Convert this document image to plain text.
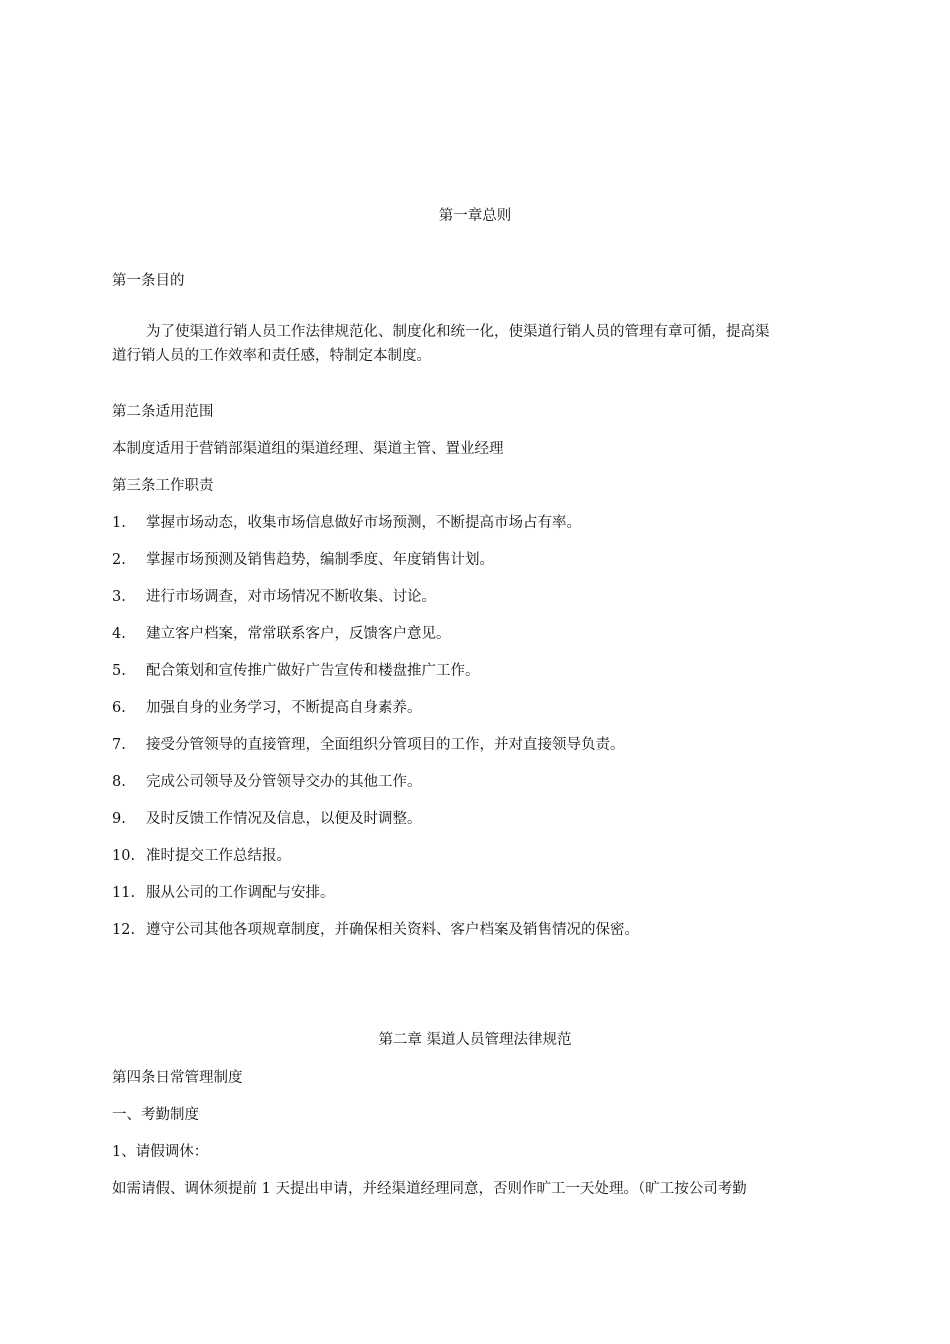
第一章总则
第一条目的
为了使渠道行销人员工作法律规范化、制度化和统一化，使渠道行销人员的管理有章可循，提高渠
道行销人员的工作效率和责任感，特制定本制度。
第二条适用范围
本制度适用于营销部渠道组的渠道经理、渠道主管、置业经理
第三条工作职责
1. 掌握市场动态，收集市场信息做好市场预测，不断提高市场占有率。
2. 掌握市场预测及销售趋势，编制季度、年度销售计划。
3. 进行市场调查，对市场情况不断收集、讨论。
4. 建立客户档案，常常联系客户，反馈客户意见。
5. 配合策划和宣传推广做好广告宣传和楼盘推广工作。
6. 加强自身的业务学习，不断提高自身素养。
7. 接受分管领导的直接管理，全面组织分管项目的工作，并对直接领导负责。
8. 完成公司领导及分管领导交办的其他工作。
9. 及时反馈工作情况及信息，以便及时调整。
10. 准时提交工作总结报。
11. 服从公司的工作调配与安排。
12. 遵守公司其他各项规章制度，并确保相关资料、客户档案及销售情况的保密。
第二章 渠道人员管理法律规范
第四条日常管理制度
一、考勤制度
1、请假调休：
如需请假、调休须提前 1 天提出申请，并经渠道经理同意，否则作旷工一天处理。（旷工按公司考勤
